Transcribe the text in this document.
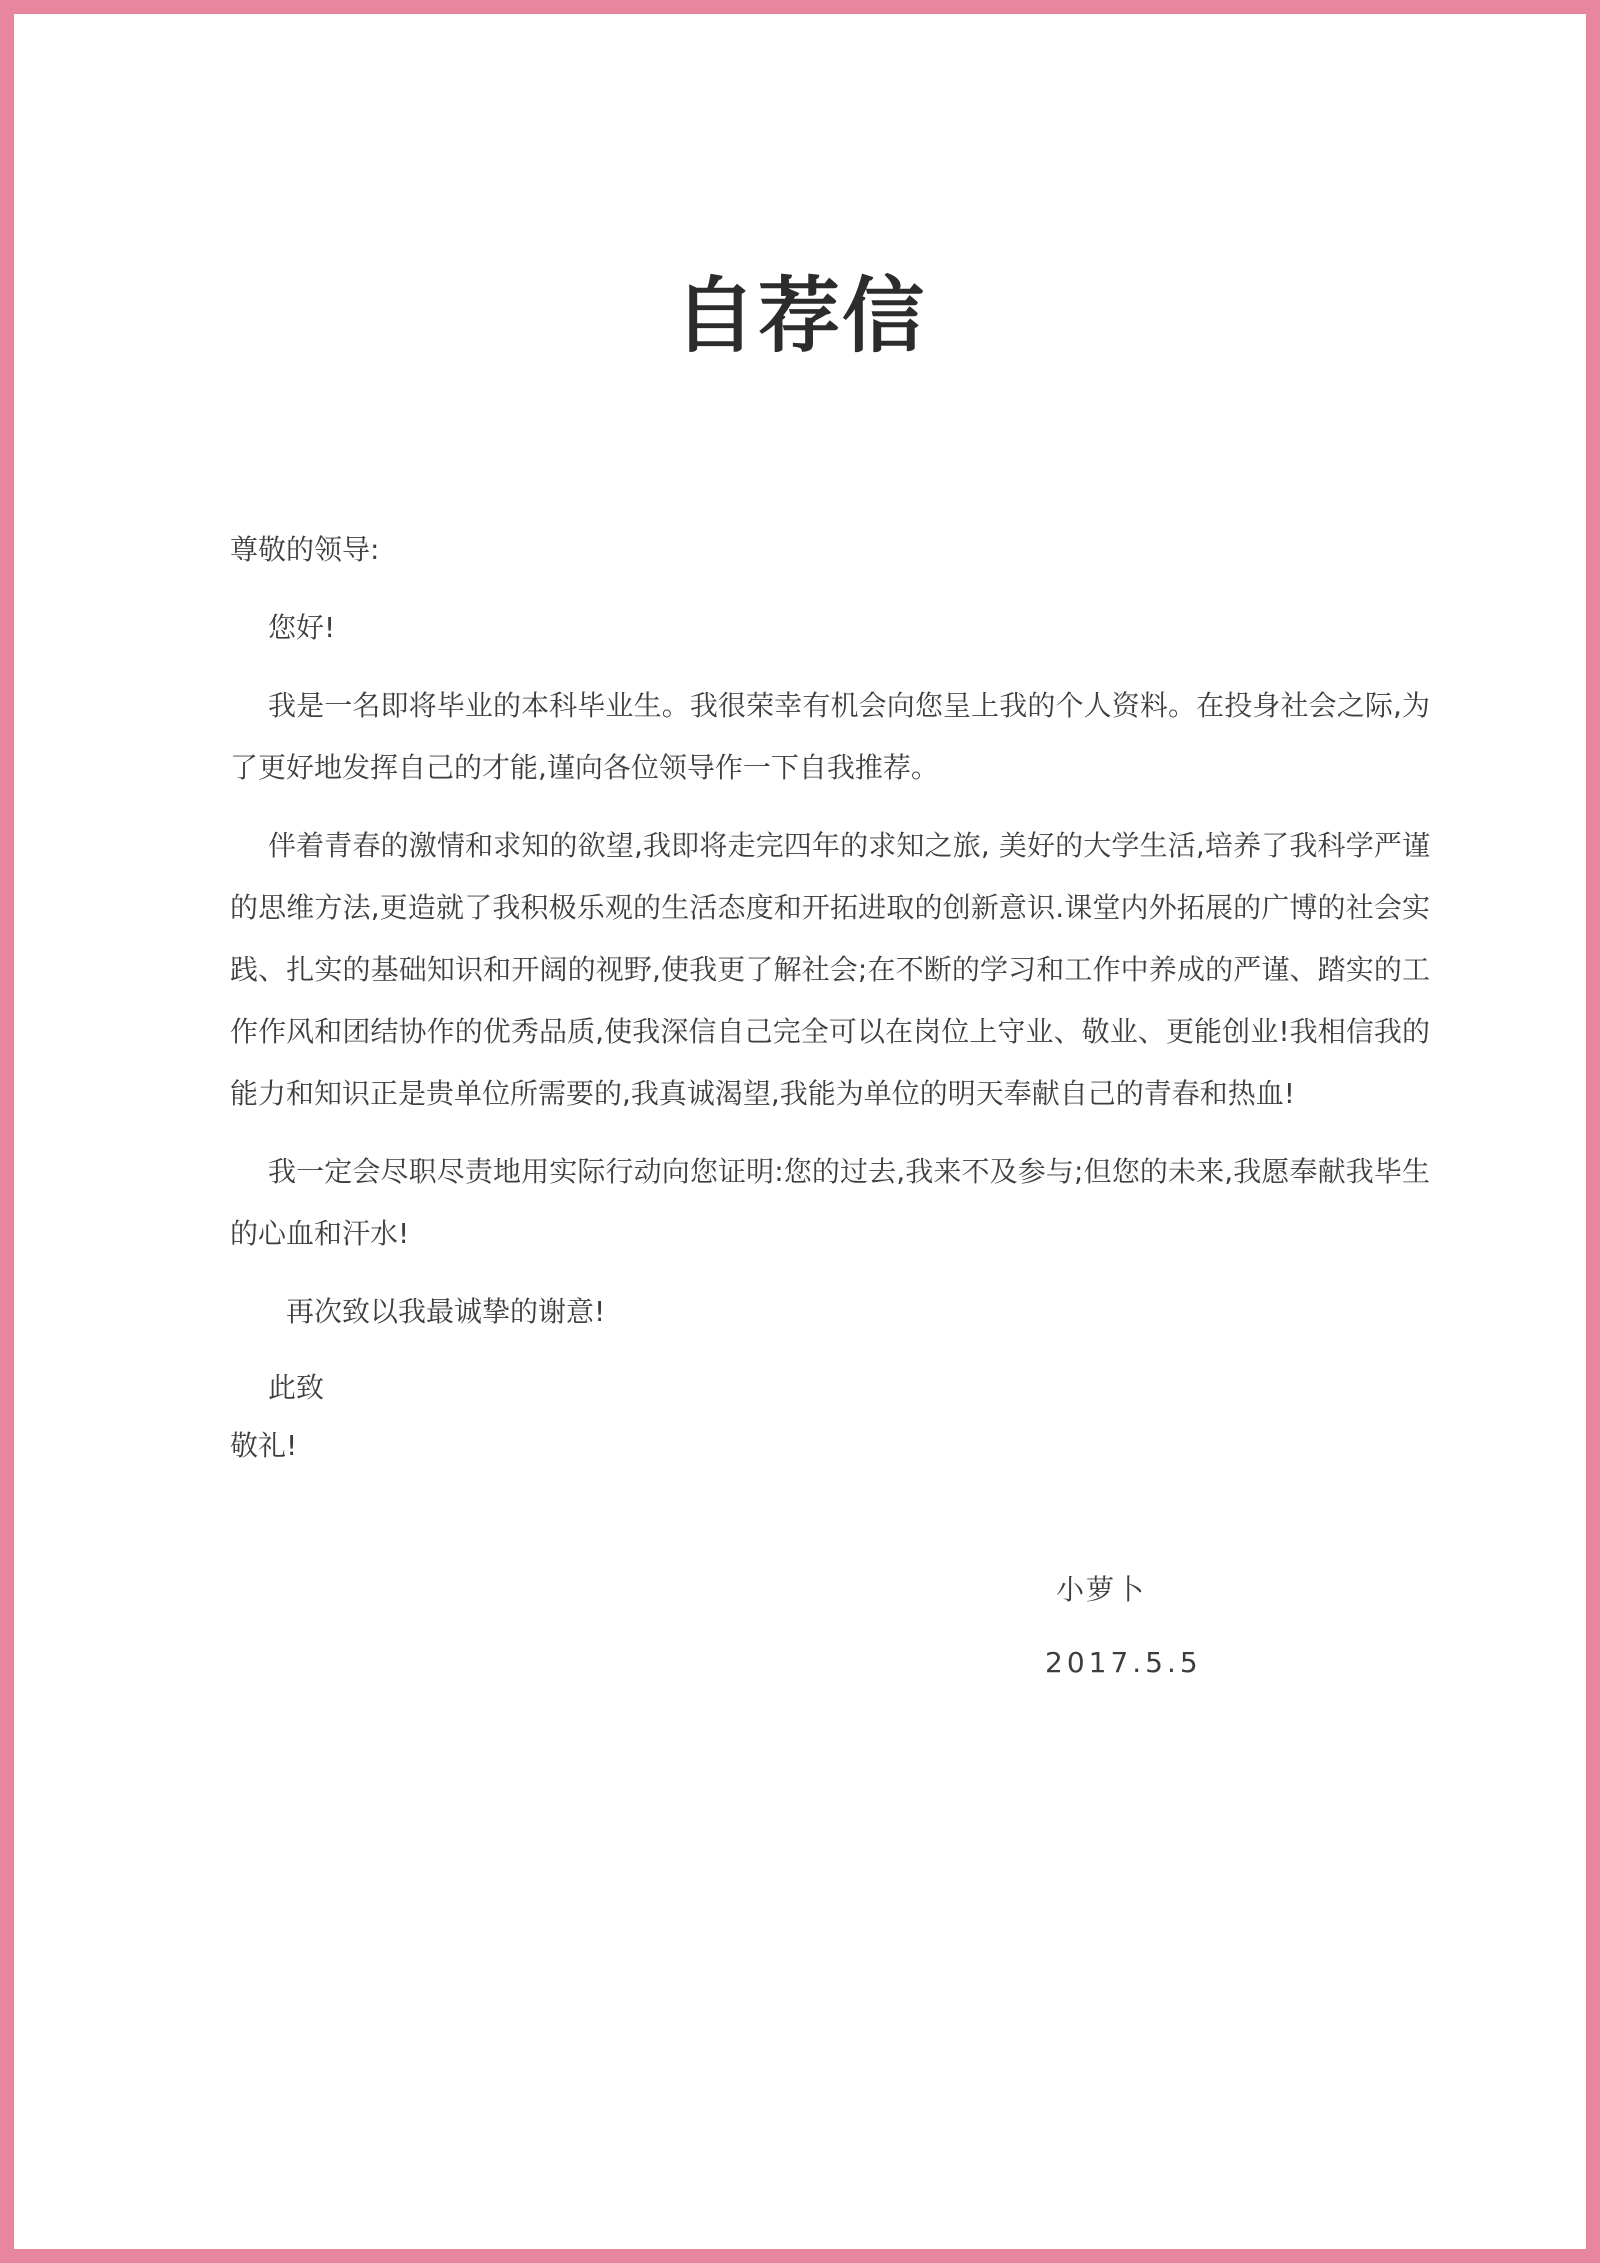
自荐信

尊敬的领导:

您好!

我是一名即将毕业的本科毕业生。我很荣幸有机会向您呈上我的个人资料。在投身社会之际,为了更好地发挥自己的才能,谨向各位领导作一下自我推荐。

伴着青春的激情和求知的欲望,我即将走完四年的求知之旅, 美好的大学生活,培养了我科学严谨的思维方法,更造就了我积极乐观的生活态度和开拓进取的创新意识.课堂内外拓展的广博的社会实践、扎实的基础知识和开阔的视野,使我更了解社会;在不断的学习和工作中养成的严谨、踏实的工作作风和团结协作的优秀品质,使我深信自己完全可以在岗位上守业、敬业、更能创业!我相信我的能力和知识正是贵单位所需要的,我真诚渴望,我能为单位的明天奉献自己的青春和热血!

我一定会尽职尽责地用实际行动向您证明:您的过去,我来不及参与;但您的未来,我愿奉献我毕生的心血和汗水!

再次致以我最诚挚的谢意!

此致

敬礼!

小萝卜

2017.5.5
